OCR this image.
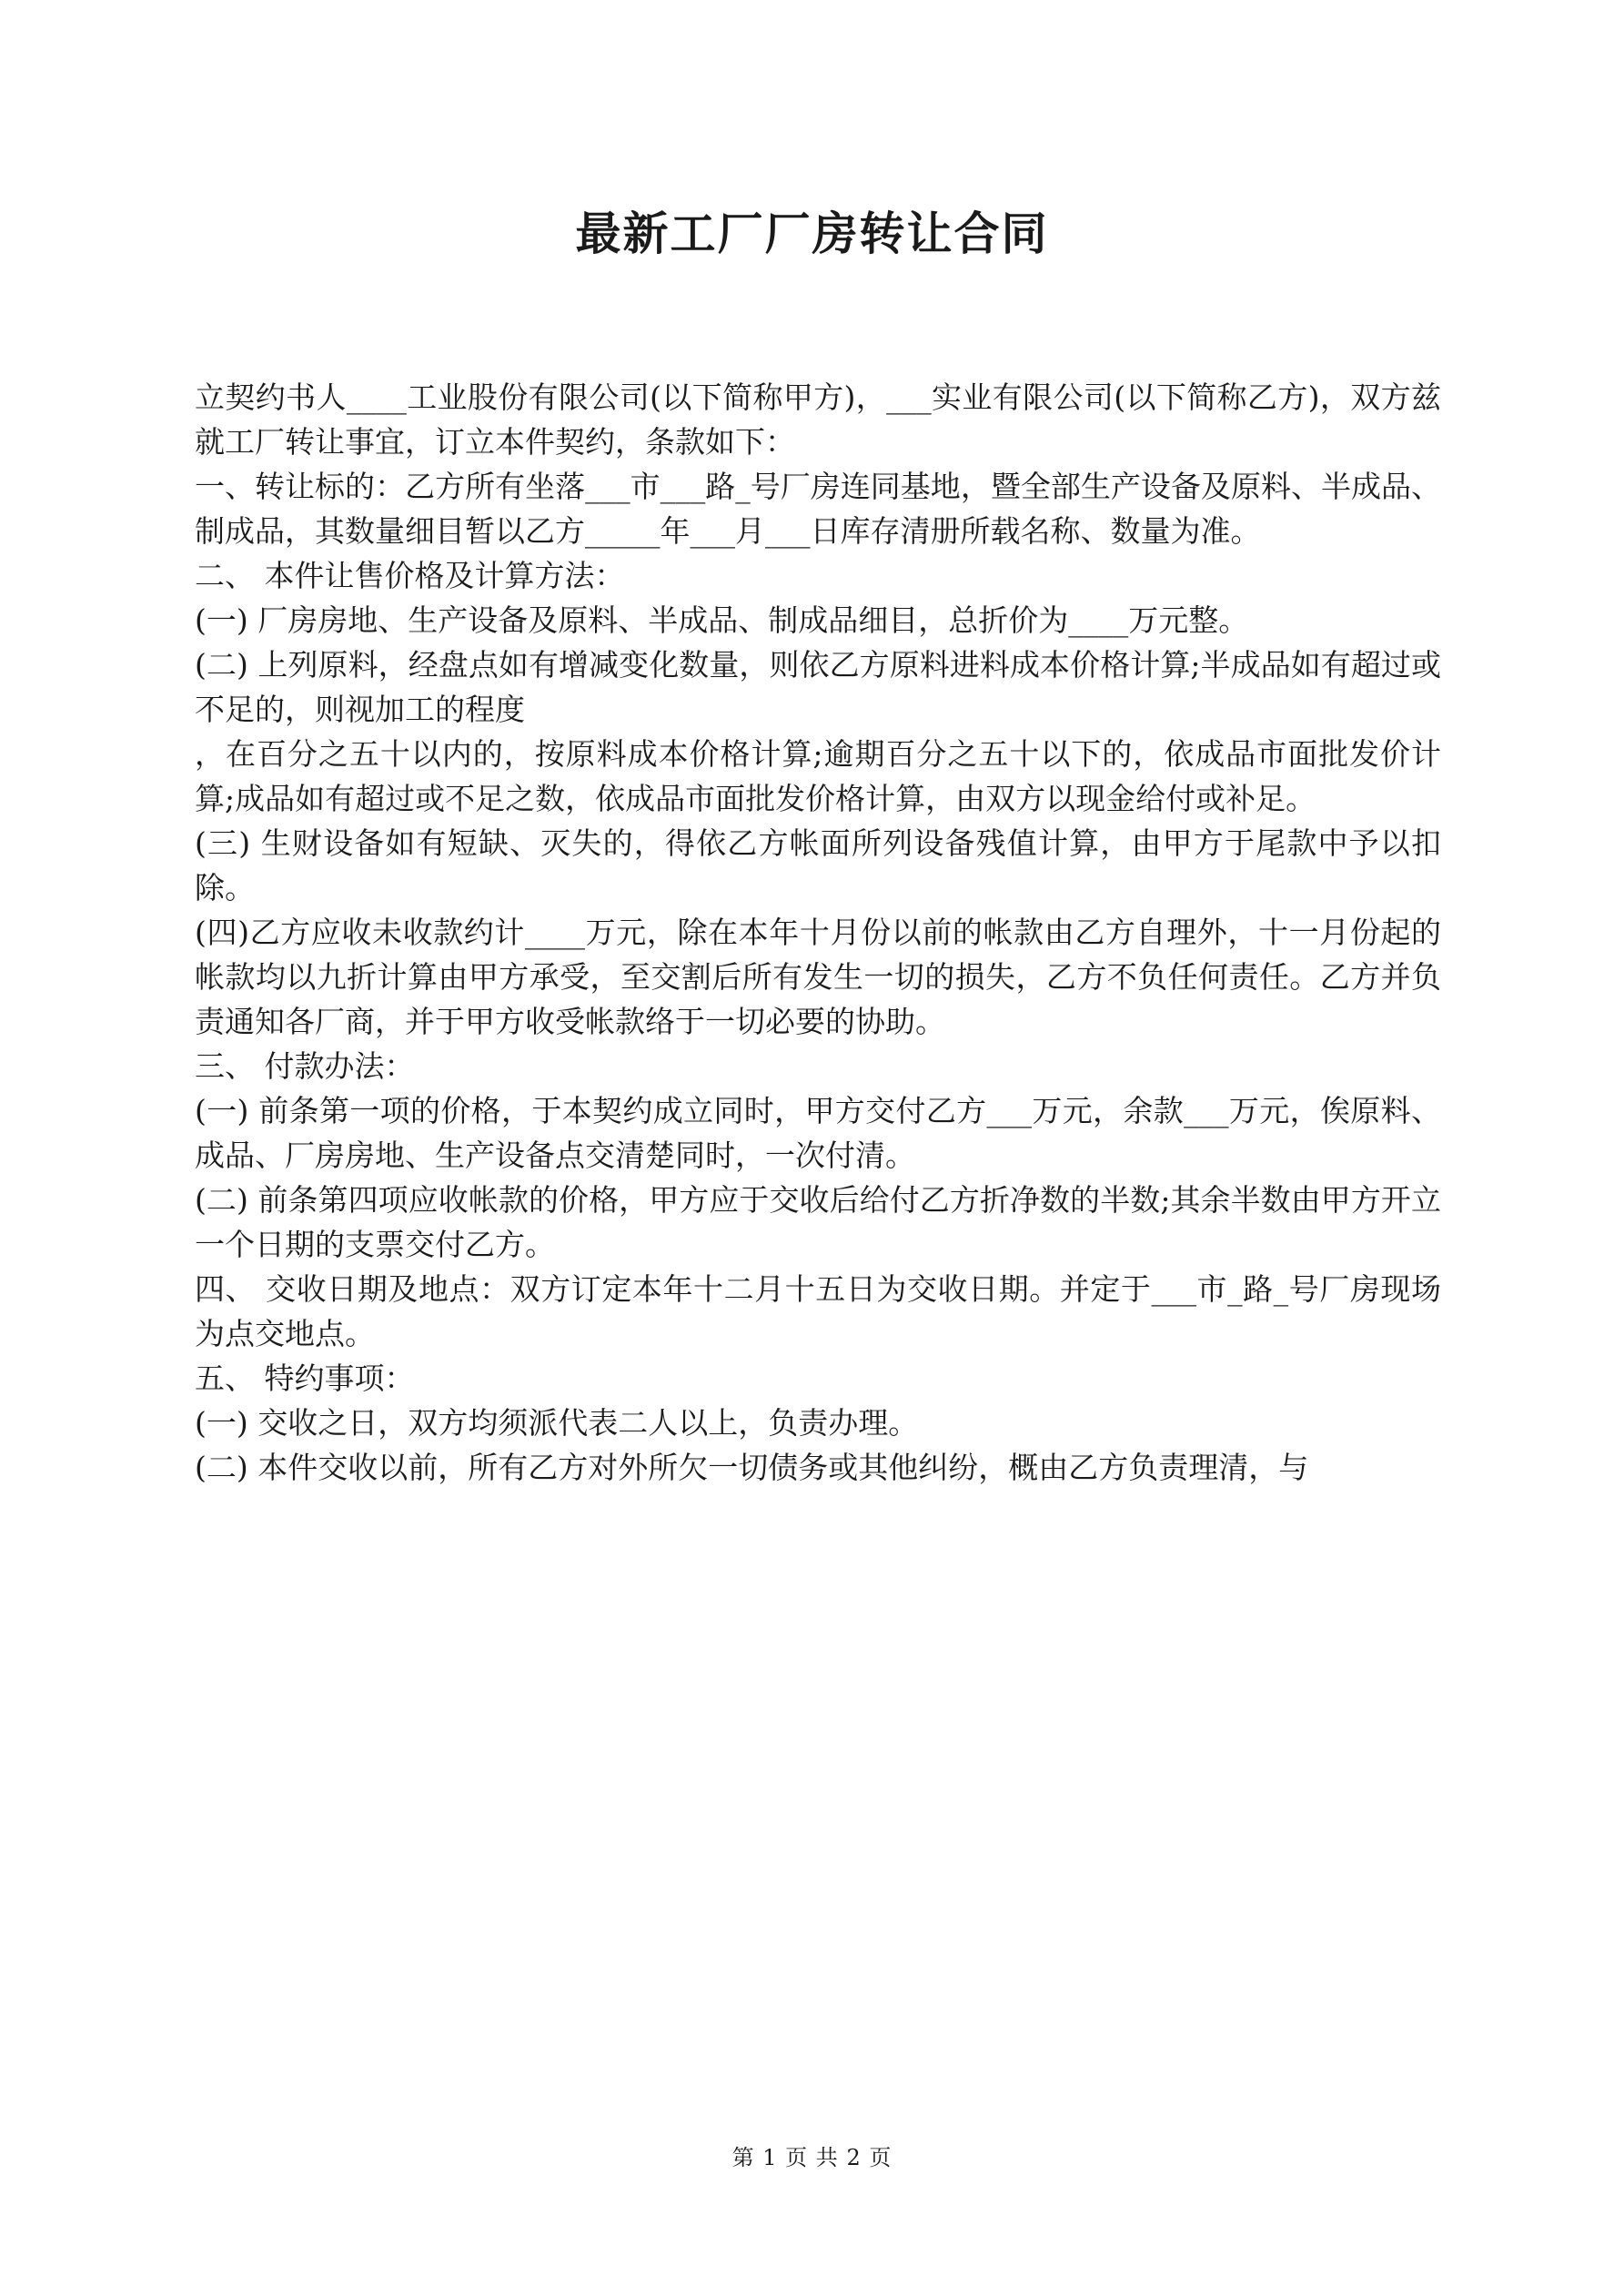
最新工厂厂房转让合同

立契约书人____工业股份有限公司(以下简称甲方)，___实业有限公司(以下简称乙方)，双方兹就工厂转让事宜，订立本件契约，条款如下：

一、转让标的：乙方所有坐落___市___路_号厂房连同基地，暨全部生产设备及原料、半成品、制成品，其数量细目暂以乙方_____年___月___日库存清册所载名称、数量为准。

二、 本件让售价格及计算方法：

(一) 厂房房地、生产设备及原料、半成品、制成品细目，总折价为____万元整。

(二) 上列原料，经盘点如有增减变化数量，则依乙方原料进料成本价格计算;半成品如有超过或不足的，则视加工的程度

，在百分之五十以内的，按原料成本价格计算;逾期百分之五十以下的，依成品市面批发价计算;成品如有超过或不足之数，依成品市面批发价格计算，由双方以现金给付或补足。

(三) 生财设备如有短缺、灭失的，得依乙方帐面所列设备残值计算，由甲方于尾款中予以扣除。

(四)乙方应收未收款约计____万元，除在本年十月份以前的帐款由乙方自理外，十一月份起的帐款均以九折计算由甲方承受，至交割后所有发生一切的损失，乙方不负任何责任。乙方并负责通知各厂商，并于甲方收受帐款络于一切必要的协助。

三、 付款办法：

(一) 前条第一项的价格，于本契约成立同时，甲方交付乙方___万元，余款___万元，俟原料、成品、厂房房地、生产设备点交清楚同时，一次付清。

(二) 前条第四项应收帐款的价格，甲方应于交收后给付乙方折净数的半数;其余半数由甲方开立一个日期的支票交付乙方。

四、 交收日期及地点：双方订定本年十二月十五日为交收日期。并定于___市_路_号厂房现场为点交地点。

五、 特约事项：

(一) 交收之日，双方均须派代表二人以上，负责办理。

(二) 本件交收以前，所有乙方对外所欠一切债务或其他纠纷，概由乙方负责理清，与

第 1 页 共 2 页
